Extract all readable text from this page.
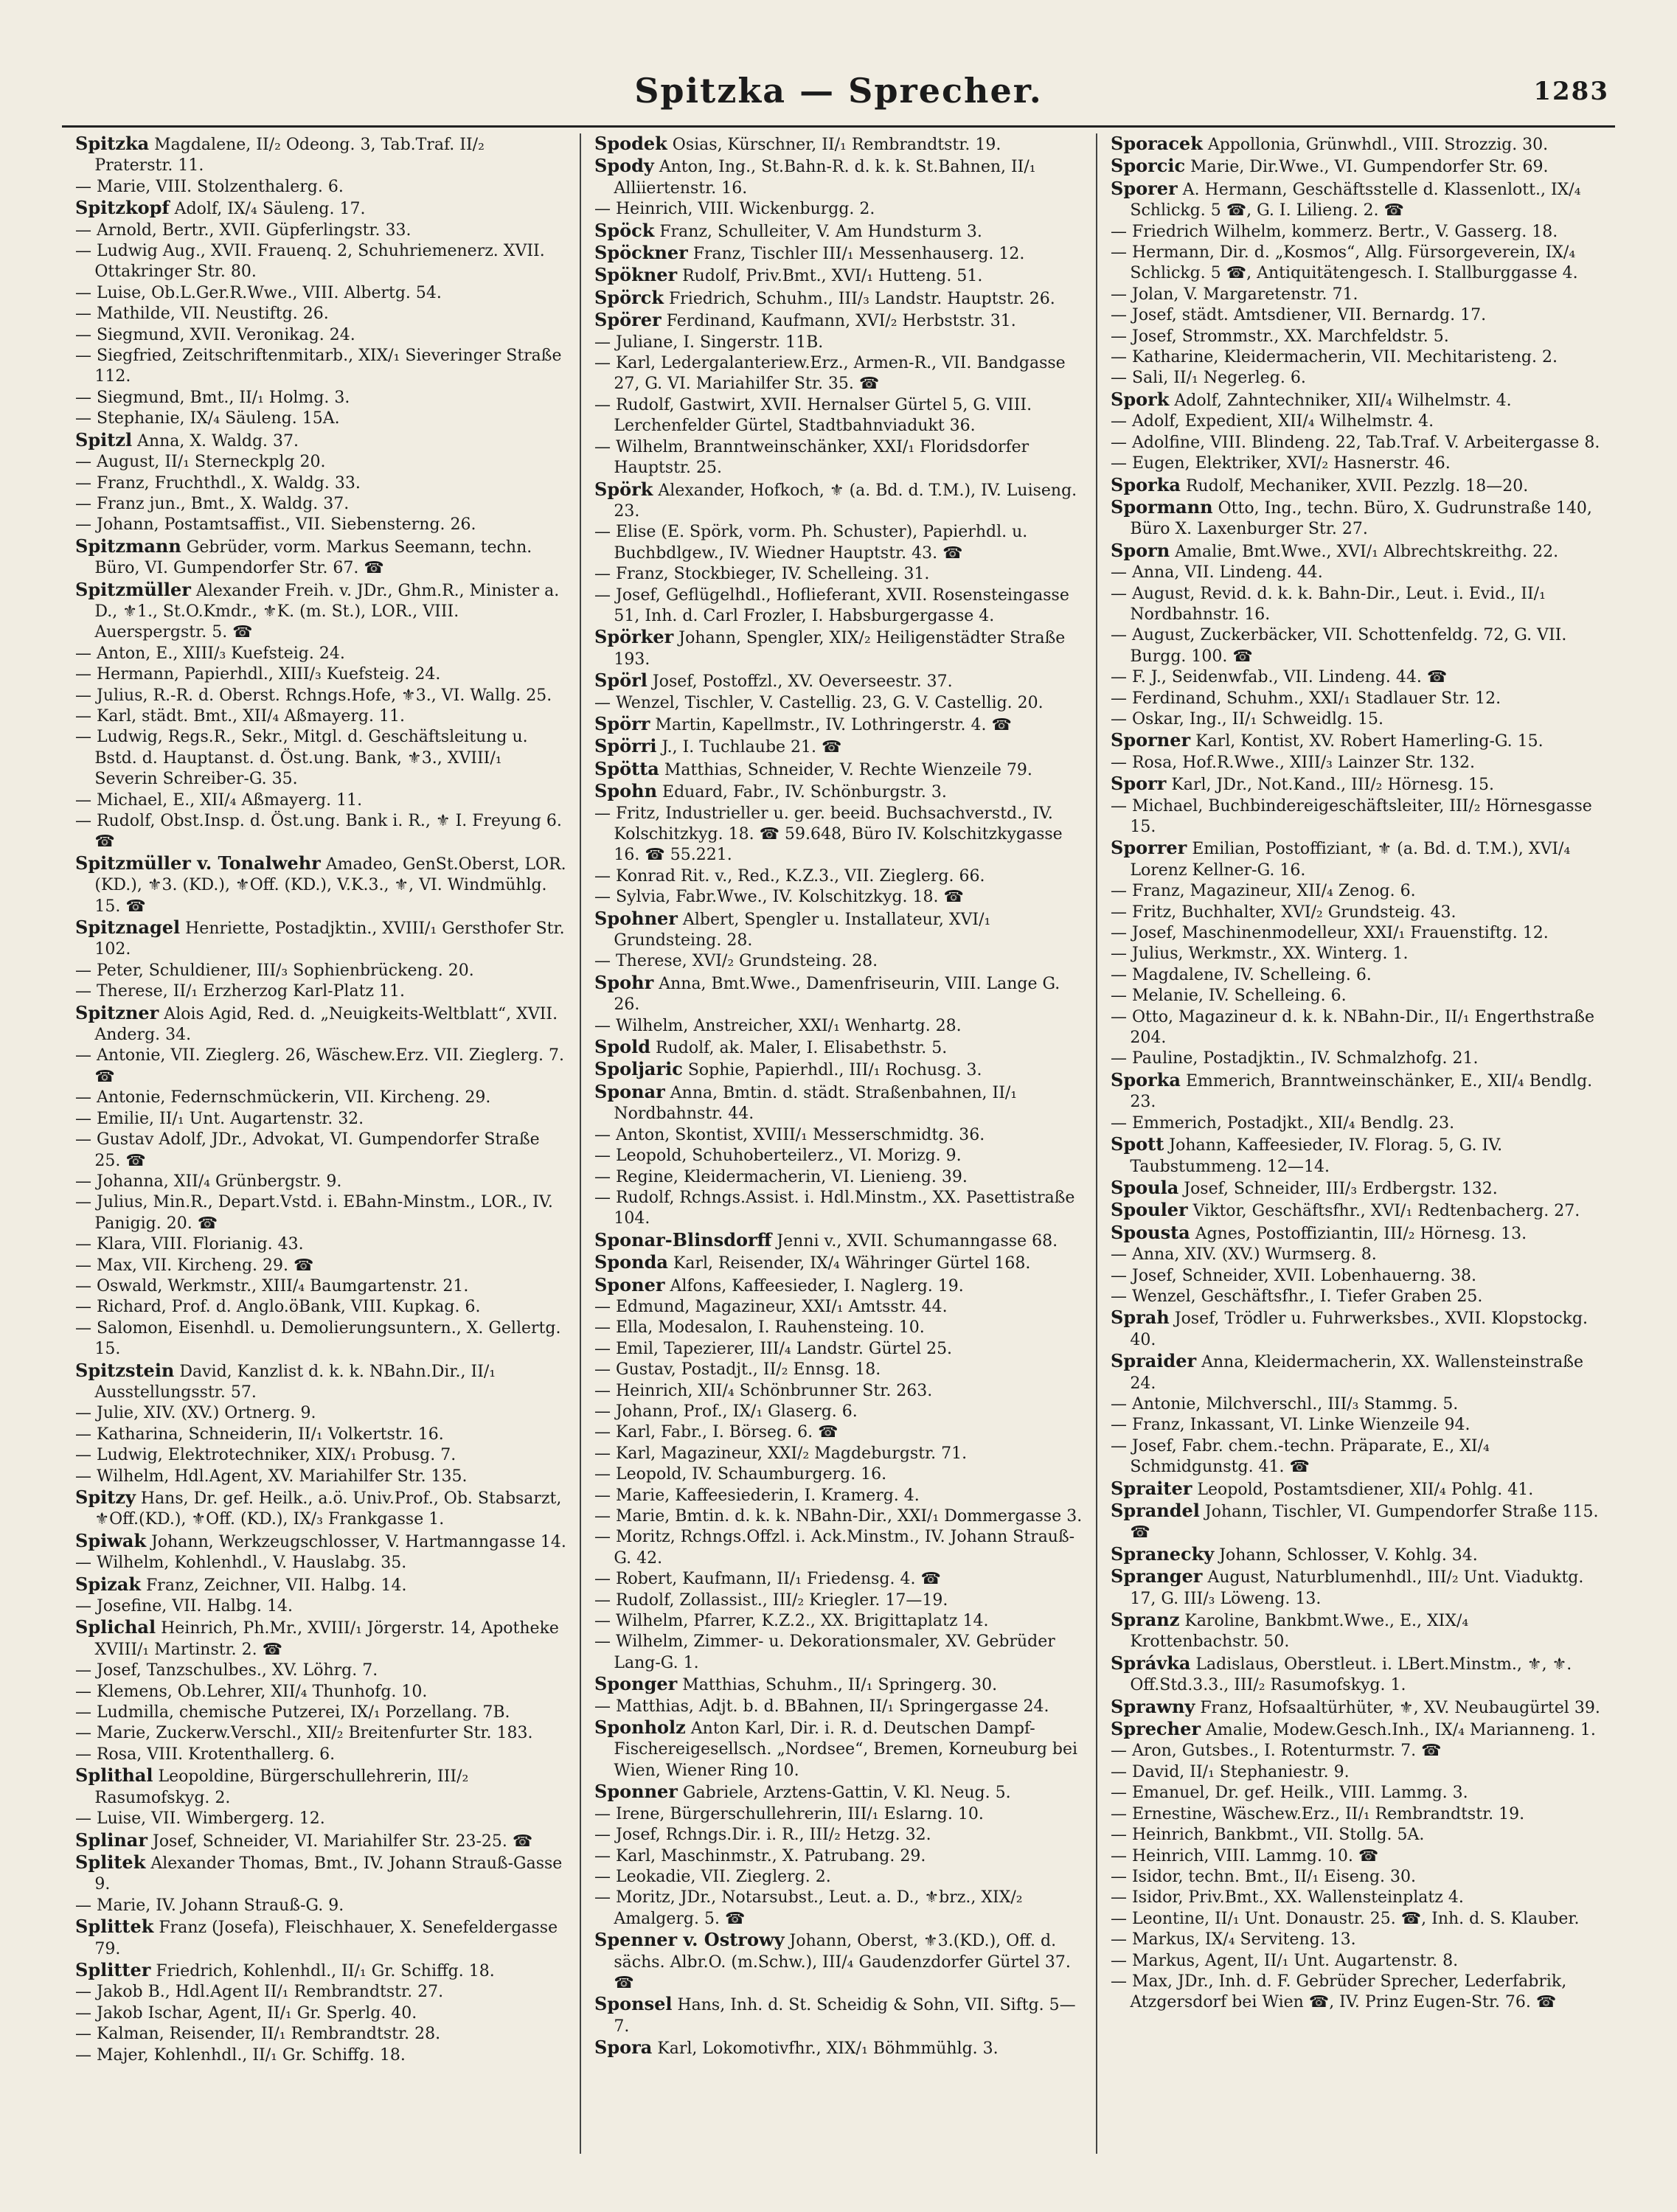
Spitzka — Sprecher.	1283

Spitzka Magdalene, II/₂ Odeong. 3, Tab.Traf. II/₂ Praterstr. 11.

— Marie, VIII. Stolzenthalerg. 6.

Spitzkopf Adolf, IX/₄ Säuleng. 17.

— Arnold, Bertr., XVII. Güpferlingstr. 33.

— Ludwig Aug., XVII. Frauenq. 2, Schuhriemenerz. XVII. Ottakringer Str. 80.

— Luise, Ob.L.Ger.R.Wwe., VIII. Albertg. 54.

— Mathilde, VII. Neustiftg. 26.

— Siegmund, XVII. Veronikag. 24.

— Siegfried, Zeitschriftenmitarb., XIX/₁ Sieveringer Straße 112.

— Siegmund, Bmt., II/₁ Holmg. 3.

— Stephanie, IX/₄ Säuleng. 15A.

Spitzl Anna, X. Waldg. 37.

— August, II/₁ Sterneckplg 20.

— Franz, Fruchthdl., X. Waldg. 33.

— Franz jun., Bmt., X. Waldg. 37.

— Johann, Postamtsaffist., VII. Siebensterng. 26.

Spitzmann Gebrüder, vorm. Markus Seemann, techn. Büro, VI. Gumpendorfer Str. 67. ☎

Spitzmüller Alexander Freih. v. JDr., Ghm.R., Minister a. D., ⚜1., St.O.Kmdr., ⚜K. (m. St.), LOR., VIII. Auerspergstr. 5. ☎

— Anton, E., XIII/₃ Kuefsteig. 24.

— Hermann, Papierhdl., XIII/₃ Kuefsteig. 24.

— Julius, R.-R. d. Oberst. Rchngs.Hofe, ⚜3., VI. Wallg. 25.

— Karl, städt. Bmt., XII/₄ Aßmayerg. 11.

— Ludwig, Regs.R., Sekr., Mitgl. d. Geschäftsleitung u. Bstd. d. Hauptanst. d. Öst.ung. Bank, ⚜3., XVIII/₁ Severin Schreiber-G. 35.

— Michael, E., XII/₄ Aßmayerg. 11.

— Rudolf, Obst.Insp. d. Öst.ung. Bank i. R., ⚜ I. Freyung 6. ☎

Spitzmüller v. Tonalwehr Amadeo, GenSt.Oberst, LOR. (KD.), ⚜3. (KD.), ⚜Off. (KD.), V.K.3., ⚜, VI. Windmühlg. 15. ☎

Spitznagel Henriette, Postadjktin., XVIII/₁ Gersthofer Str. 102.

— Peter, Schuldiener, III/₃ Sophienbrückeng. 20.

— Therese, II/₁ Erzherzog Karl-Platz 11.

Spitzner Alois Agid, Red. d. „Neuigkeits-Weltblatt“, XVII. Anderg. 34.

— Antonie, VII. Zieglerg. 26, Wäschew.Erz. VII. Zieglerg. 7. ☎

— Antonie, Federnschmückerin, VII. Kircheng. 29.

— Emilie, II/₁ Unt. Augartenstr. 32.

— Gustav Adolf, JDr., Advokat, VI. Gumpendorfer Straße 25. ☎

— Johanna, XII/₄ Grünbergstr. 9.

— Julius, Min.R., Depart.Vstd. i. EBahn-Minstm., LOR., IV. Panigig. 20. ☎

— Klara, VIII. Florianig. 43.

— Max, VII. Kircheng. 29. ☎

— Oswald, Werkmstr., XIII/₄ Baumgartenstr. 21.

— Richard, Prof. d. Anglo.öBank, VIII. Kupkag. 6.

— Salomon, Eisenhdl. u. Demolierungsuntern., X. Gellertg. 15.

Spitzstein David, Kanzlist d. k. k. NBahn.Dir., II/₁ Ausstellungsstr. 57.

— Julie, XIV. (XV.) Ortnerg. 9.

— Katharina, Schneiderin, II/₁ Volkertstr. 16.

— Ludwig, Elektrotechniker, XIX/₁ Probusg. 7.

— Wilhelm, Hdl.Agent, XV. Mariahilfer Str. 135.

Spitzy Hans, Dr. gef. Heilk., a.ö. Univ.Prof., Ob. Stabsarzt, ⚜Off.(KD.), ⚜Off. (KD.), IX/₃ Frankgasse 1.

Spiwak Johann, Werkzeugschlosser, V. Hartmanngasse 14.

— Wilhelm, Kohlenhdl., V. Hauslabg. 35.

Spizak Franz, Zeichner, VII. Halbg. 14.

— Josefine, VII. Halbg. 14.

Splichal Heinrich, Ph.Mr., XVIII/₁ Jörgerstr. 14, Apotheke XVIII/₁ Martinstr. 2. ☎

— Josef, Tanzschulbes., XV. Löhrg. 7.

— Klemens, Ob.Lehrer, XII/₄ Thunhofg. 10.

— Ludmilla, chemische Putzerei, IX/₁ Porzellang. 7B.

— Marie, Zuckerw.Verschl., XII/₂ Breitenfurter Str. 183.

— Rosa, VIII. Krotenthallerg. 6.

Splithal Leopoldine, Bürgerschullehrerin, III/₂ Rasumofskyg. 2.

— Luise, VII. Wimbergerg. 12.

Splinar Josef, Schneider, VI. Mariahilfer Str. 23-25. ☎

Splitek Alexander Thomas, Bmt., IV. Johann Strauß-Gasse 9.

— Marie, IV. Johann Strauß-G. 9.

Splittek Franz (Josefa), Fleischhauer, X. Senefeldergasse 79.

Splitter Friedrich, Kohlenhdl., II/₁ Gr. Schiffg. 18.

— Jakob B., Hdl.Agent II/₁ Rembrandtstr. 27.

— Jakob Ischar, Agent, II/₁ Gr. Sperlg. 40.

— Kalman, Reisender, II/₁ Rembrandtstr. 28.

— Majer, Kohlenhdl., II/₁ Gr. Schiffg. 18.

Spodek Osias, Kürschner, II/₁ Rembrandtstr. 19.

Spody Anton, Ing., St.Bahn-R. d. k. k. St.Bahnen, II/₁ Alliiertenstr. 16.

— Heinrich, VIII. Wickenburgg. 2.

Spöck Franz, Schulleiter, V. Am Hundsturm 3.

Spöckner Franz, Tischler III/₁ Messenhauserg. 12.

Spökner Rudolf, Priv.Bmt., XVI/₁ Hutteng. 51.

Spörck Friedrich, Schuhm., III/₃ Landstr. Hauptstr. 26.

Spörer Ferdinand, Kaufmann, XVI/₂ Herbststr. 31.

— Juliane, I. Singerstr. 11B.

— Karl, Ledergalanteriew.Erz., Armen-R., VII. Bandgasse 27, G. VI. Mariahilfer Str. 35. ☎

— Rudolf, Gastwirt, XVII. Hernalser Gürtel 5, G. VIII. Lerchenfelder Gürtel, Stadtbahnviadukt 36.

— Wilhelm, Branntweinschänker, XXI/₁ Floridsdorfer Hauptstr. 25.

Spörk Alexander, Hofkoch, ⚜ (a. Bd. d. T.M.), IV. Luiseng. 23.

— Elise (E. Spörk, vorm. Ph. Schuster), Papierhdl. u. Buchbdlgew., IV. Wiedner Hauptstr. 43. ☎

— Franz, Stockbieger, IV. Schelleing. 31.

— Josef, Geflügelhdl., Hoflieferant, XVII. Rosensteingasse 51, Inh. d. Carl Frozler, I. Habsburgergasse 4.

Spörker Johann, Spengler, XIX/₂ Heiligenstädter Straße 193.

Spörl Josef, Postoffzl., XV. Oeverseestr. 37.

— Wenzel, Tischler, V. Castellig. 23, G. V. Castellig. 20.

Spörr Martin, Kapellmstr., IV. Lothringerstr. 4. ☎

Spörri J., I. Tuchlaube 21. ☎

Spötta Matthias, Schneider, V. Rechte Wienzeile 79.

Spohn Eduard, Fabr., IV. Schönburgstr. 3.

— Fritz, Industrieller u. ger. beeid. Buchsachverstd., IV. Kolschitzkyg. 18. ☎ 59.648, Büro IV. Kolschitzkygasse 16. ☎ 55.221.

— Konrad Rit. v., Red., K.Z.3., VII. Zieglerg. 66.

— Sylvia, Fabr.Wwe., IV. Kolschitzkyg. 18. ☎

Spohner Albert, Spengler u. Installateur, XVI/₁ Grundsteing. 28.

— Therese, XVI/₂ Grundsteing. 28.

Spohr Anna, Bmt.Wwe., Damenfriseurin, VIII. Lange G. 26.

— Wilhelm, Anstreicher, XXI/₁ Wenhartg. 28.

Spold Rudolf, ak. Maler, I. Elisabethstr. 5.

Spoljaric Sophie, Papierhdl., III/₁ Rochusg. 3.

Sponar Anna, Bmtin. d. städt. Straßenbahnen, II/₁ Nordbahnstr. 44.

— Anton, Skontist, XVIII/₁ Messerschmidtg. 36.

— Leopold, Schuhoberteilerz., VI. Morizg. 9.

— Regine, Kleidermacherin, VI. Lienieng. 39.

— Rudolf, Rchngs.Assist. i. Hdl.Minstm., XX. Pasettistraße 104.

Sponar-Blinsdorff Jenni v., XVII. Schumanngasse 68.

Sponda Karl, Reisender, IX/₄ Währinger Gürtel 168.

Sponer Alfons, Kaffeesieder, I. Naglerg. 19.

— Edmund, Magazineur, XXI/₁ Amtsstr. 44.

— Ella, Modesalon, I. Rauhensteing. 10.

— Emil, Tapezierer, III/₄ Landstr. Gürtel 25.

— Gustav, Postadjt., II/₂ Ennsg. 18.

— Heinrich, XII/₄ Schönbrunner Str. 263.

— Johann, Prof., IX/₁ Glaserg. 6.

— Karl, Fabr., I. Börseg. 6. ☎

— Karl, Magazineur, XXI/₂ Magdeburgstr. 71.

— Leopold, IV. Schaumburgerg. 16.

— Marie, Kaffeesiederin, I. Kramerg. 4.

— Marie, Bmtin. d. k. k. NBahn-Dir., XXI/₁ Dommergasse 3.

— Moritz, Rchngs.Offzl. i. Ack.Minstm., IV. Johann Strauß-G. 42.

— Robert, Kaufmann, II/₁ Friedensg. 4. ☎

— Rudolf, Zollassist., III/₂ Kriegler. 17—19.

— Wilhelm, Pfarrer, K.Z.2., XX. Brigittaplatz 14.

— Wilhelm, Zimmer- u. Dekorationsmaler, XV. Gebrüder Lang-G. 1.

Sponger Matthias, Schuhm., II/₁ Springerg. 30.

— Matthias, Adjt. b. d. BBahnen, II/₁ Springergasse 24.

Sponholz Anton Karl, Dir. i. R. d. Deutschen Dampf-Fischereigesellsch. „Nordsee“, Bremen, Korneuburg bei Wien, Wiener Ring 10.

Sponner Gabriele, Arztens-Gattin, V. Kl. Neug. 5.

— Irene, Bürgerschullehrerin, III/₁ Eslarng. 10.

— Josef, Rchngs.Dir. i. R., III/₂ Hetzg. 32.

— Karl, Maschinmstr., X. Patrubang. 29.

— Leokadie, VII. Zieglerg. 2.

— Moritz, JDr., Notarsubst., Leut. a. D., ⚜brz., XIX/₂ Amalgerg. 5. ☎

Spenner v. Ostrowy Johann, Oberst, ⚜3.(KD.), Off. d. sächs. Albr.O. (m.Schw.), III/₄ Gaudenzdorfer Gürtel 37. ☎

Sponsel Hans, Inh. d. St. Scheidig & Sohn, VII. Siftg. 5—7.

Spora Karl, Lokomotivfhr., XIX/₁ Böhmmühlg. 3.

Sporacek Appollonia, Grünwhdl., VIII. Strozzig. 30.

Sporcic Marie, Dir.Wwe., VI. Gumpendorfer Str. 69.

Sporer A. Hermann, Geschäftsstelle d. Klassenlott., IX/₄ Schlickg. 5 ☎, G. I. Lilieng. 2. ☎

— Friedrich Wilhelm, kommerz. Bertr., V. Gasserg. 18.

— Hermann, Dir. d. „Kosmos“, Allg. Fürsorgeverein, IX/₄ Schlickg. 5 ☎, Antiquitätengesch. I. Stallburggasse 4.

— Jolan, V. Margaretenstr. 71.

— Josef, städt. Amtsdiener, VII. Bernardg. 17.

— Josef, Strommstr., XX. Marchfeldstr. 5.

— Katharine, Kleidermacherin, VII. Mechitaristeng. 2.

— Sali, II/₁ Negerleg. 6.

Spork Adolf, Zahntechniker, XII/₄ Wilhelmstr. 4.

— Adolf, Expedient, XII/₄ Wilhelmstr. 4.

— Adolfine, VIII. Blindeng. 22, Tab.Traf. V. Arbeitergasse 8.

— Eugen, Elektriker, XVI/₂ Hasnerstr. 46.

Sporka Rudolf, Mechaniker, XVII. Pezzlg. 18—20.

Spormann Otto, Ing., techn. Büro, X. Gudrunstraße 140, Büro X. Laxenburger Str. 27.

Sporn Amalie, Bmt.Wwe., XVI/₁ Albrechtskreithg. 22.

— Anna, VII. Lindeng. 44.

— August, Revid. d. k. k. Bahn-Dir., Leut. i. Evid., II/₁ Nordbahnstr. 16.

— August, Zuckerbäcker, VII. Schottenfeldg. 72, G. VII. Burgg. 100. ☎

— F. J., Seidenwfab., VII. Lindeng. 44. ☎

— Ferdinand, Schuhm., XXI/₁ Stadlauer Str. 12.

— Oskar, Ing., II/₁ Schweidlg. 15.

Sporner Karl, Kontist, XV. Robert Hamerling-G. 15.

— Rosa, Hof.R.Wwe., XIII/₃ Lainzer Str. 132.

Sporr Karl, JDr., Not.Kand., III/₂ Hörnesg. 15.

— Michael, Buchbindereigeschäftsleiter, III/₂ Hörnesgasse 15.

Sporrer Emilian, Postoffiziant, ⚜ (a. Bd. d. T.M.), XVI/₄ Lorenz Kellner-G. 16.

— Franz, Magazineur, XII/₄ Zenog. 6.

— Fritz, Buchhalter, XVI/₂ Grundsteig. 43.

— Josef, Maschinenmodelleur, XXI/₁ Frauenstiftg. 12.

— Julius, Werkmstr., XX. Winterg. 1.

— Magdalene, IV. Schelleing. 6.

— Melanie, IV. Schelleing. 6.

— Otto, Magazineur d. k. k. NBahn-Dir., II/₁ Engerthstraße 204.

— Pauline, Postadjktin., IV. Schmalzhofg. 21.

Sporka Emmerich, Branntweinschänker, E., XII/₄ Bendlg. 23.

— Emmerich, Postadjkt., XII/₄ Bendlg. 23.

Spott Johann, Kaffeesieder, IV. Florag. 5, G. IV. Taubstummeng. 12—14.

Spoula Josef, Schneider, III/₃ Erdbergstr. 132.

Spouler Viktor, Geschäftsfhr., XVI/₁ Redtenbacherg. 27.

Spousta Agnes, Postoffiziantin, III/₂ Hörnesg. 13.

— Anna, XIV. (XV.) Wurmserg. 8.

— Josef, Schneider, XVII. Lobenhauerng. 38.

— Wenzel, Geschäftsfhr., I. Tiefer Graben 25.

Sprah Josef, Trödler u. Fuhrwerksbes., XVII. Klopstockg. 40.

Spraider Anna, Kleidermacherin, XX. Wallensteinstraße 24.

— Antonie, Milchverschl., III/₃ Stammg. 5.

— Franz, Inkassant, VI. Linke Wienzeile 94.

— Josef, Fabr. chem.-techn. Präparate, E., XI/₄ Schmidgunstg. 41. ☎

Spraiter Leopold, Postamtsdiener, XII/₄ Pohlg. 41.

Sprandel Johann, Tischler, VI. Gumpendorfer Straße 115. ☎

Spranecky Johann, Schlosser, V. Kohlg. 34.

Spranger August, Naturblumenhdl., III/₂ Unt. Viaduktg. 17, G. III/₃ Löweng. 13.

Spranz Karoline, Bankbmt.Wwe., E., XIX/₄ Krottenbachstr. 50.

Správka Ladislaus, Oberstleut. i. LBert.Minstm., ⚜, ⚜. Off.Std.3.3., III/₂ Rasumofskyg. 1.

Sprawny Franz, Hofsaaltürhüter, ⚜, XV. Neubaugürtel 39.

Sprecher Amalie, Modew.Gesch.Inh., IX/₄ Marianneng. 1.

— Aron, Gutsbes., I. Rotenturmstr. 7. ☎

— David, II/₁ Stephaniestr. 9.

— Emanuel, Dr. gef. Heilk., VIII. Lammg. 3.

— Ernestine, Wäschew.Erz., II/₁ Rembrandtstr. 19.

— Heinrich, Bankbmt., VII. Stollg. 5A.

— Heinrich, VIII. Lammg. 10. ☎

— Isidor, techn. Bmt., II/₁ Eiseng. 30.

— Isidor, Priv.Bmt., XX. Wallensteinplatz 4.

— Leontine, II/₁ Unt. Donaustr. 25. ☎, Inh. d. S. Klauber.

— Markus, IX/₄ Serviteng. 13.

— Markus, Agent, II/₁ Unt. Augartenstr. 8.

— Max, JDr., Inh. d. F. Gebrüder Sprecher, Lederfabrik, Atzgersdorf bei Wien ☎, IV. Prinz Eugen-Str. 76. ☎
